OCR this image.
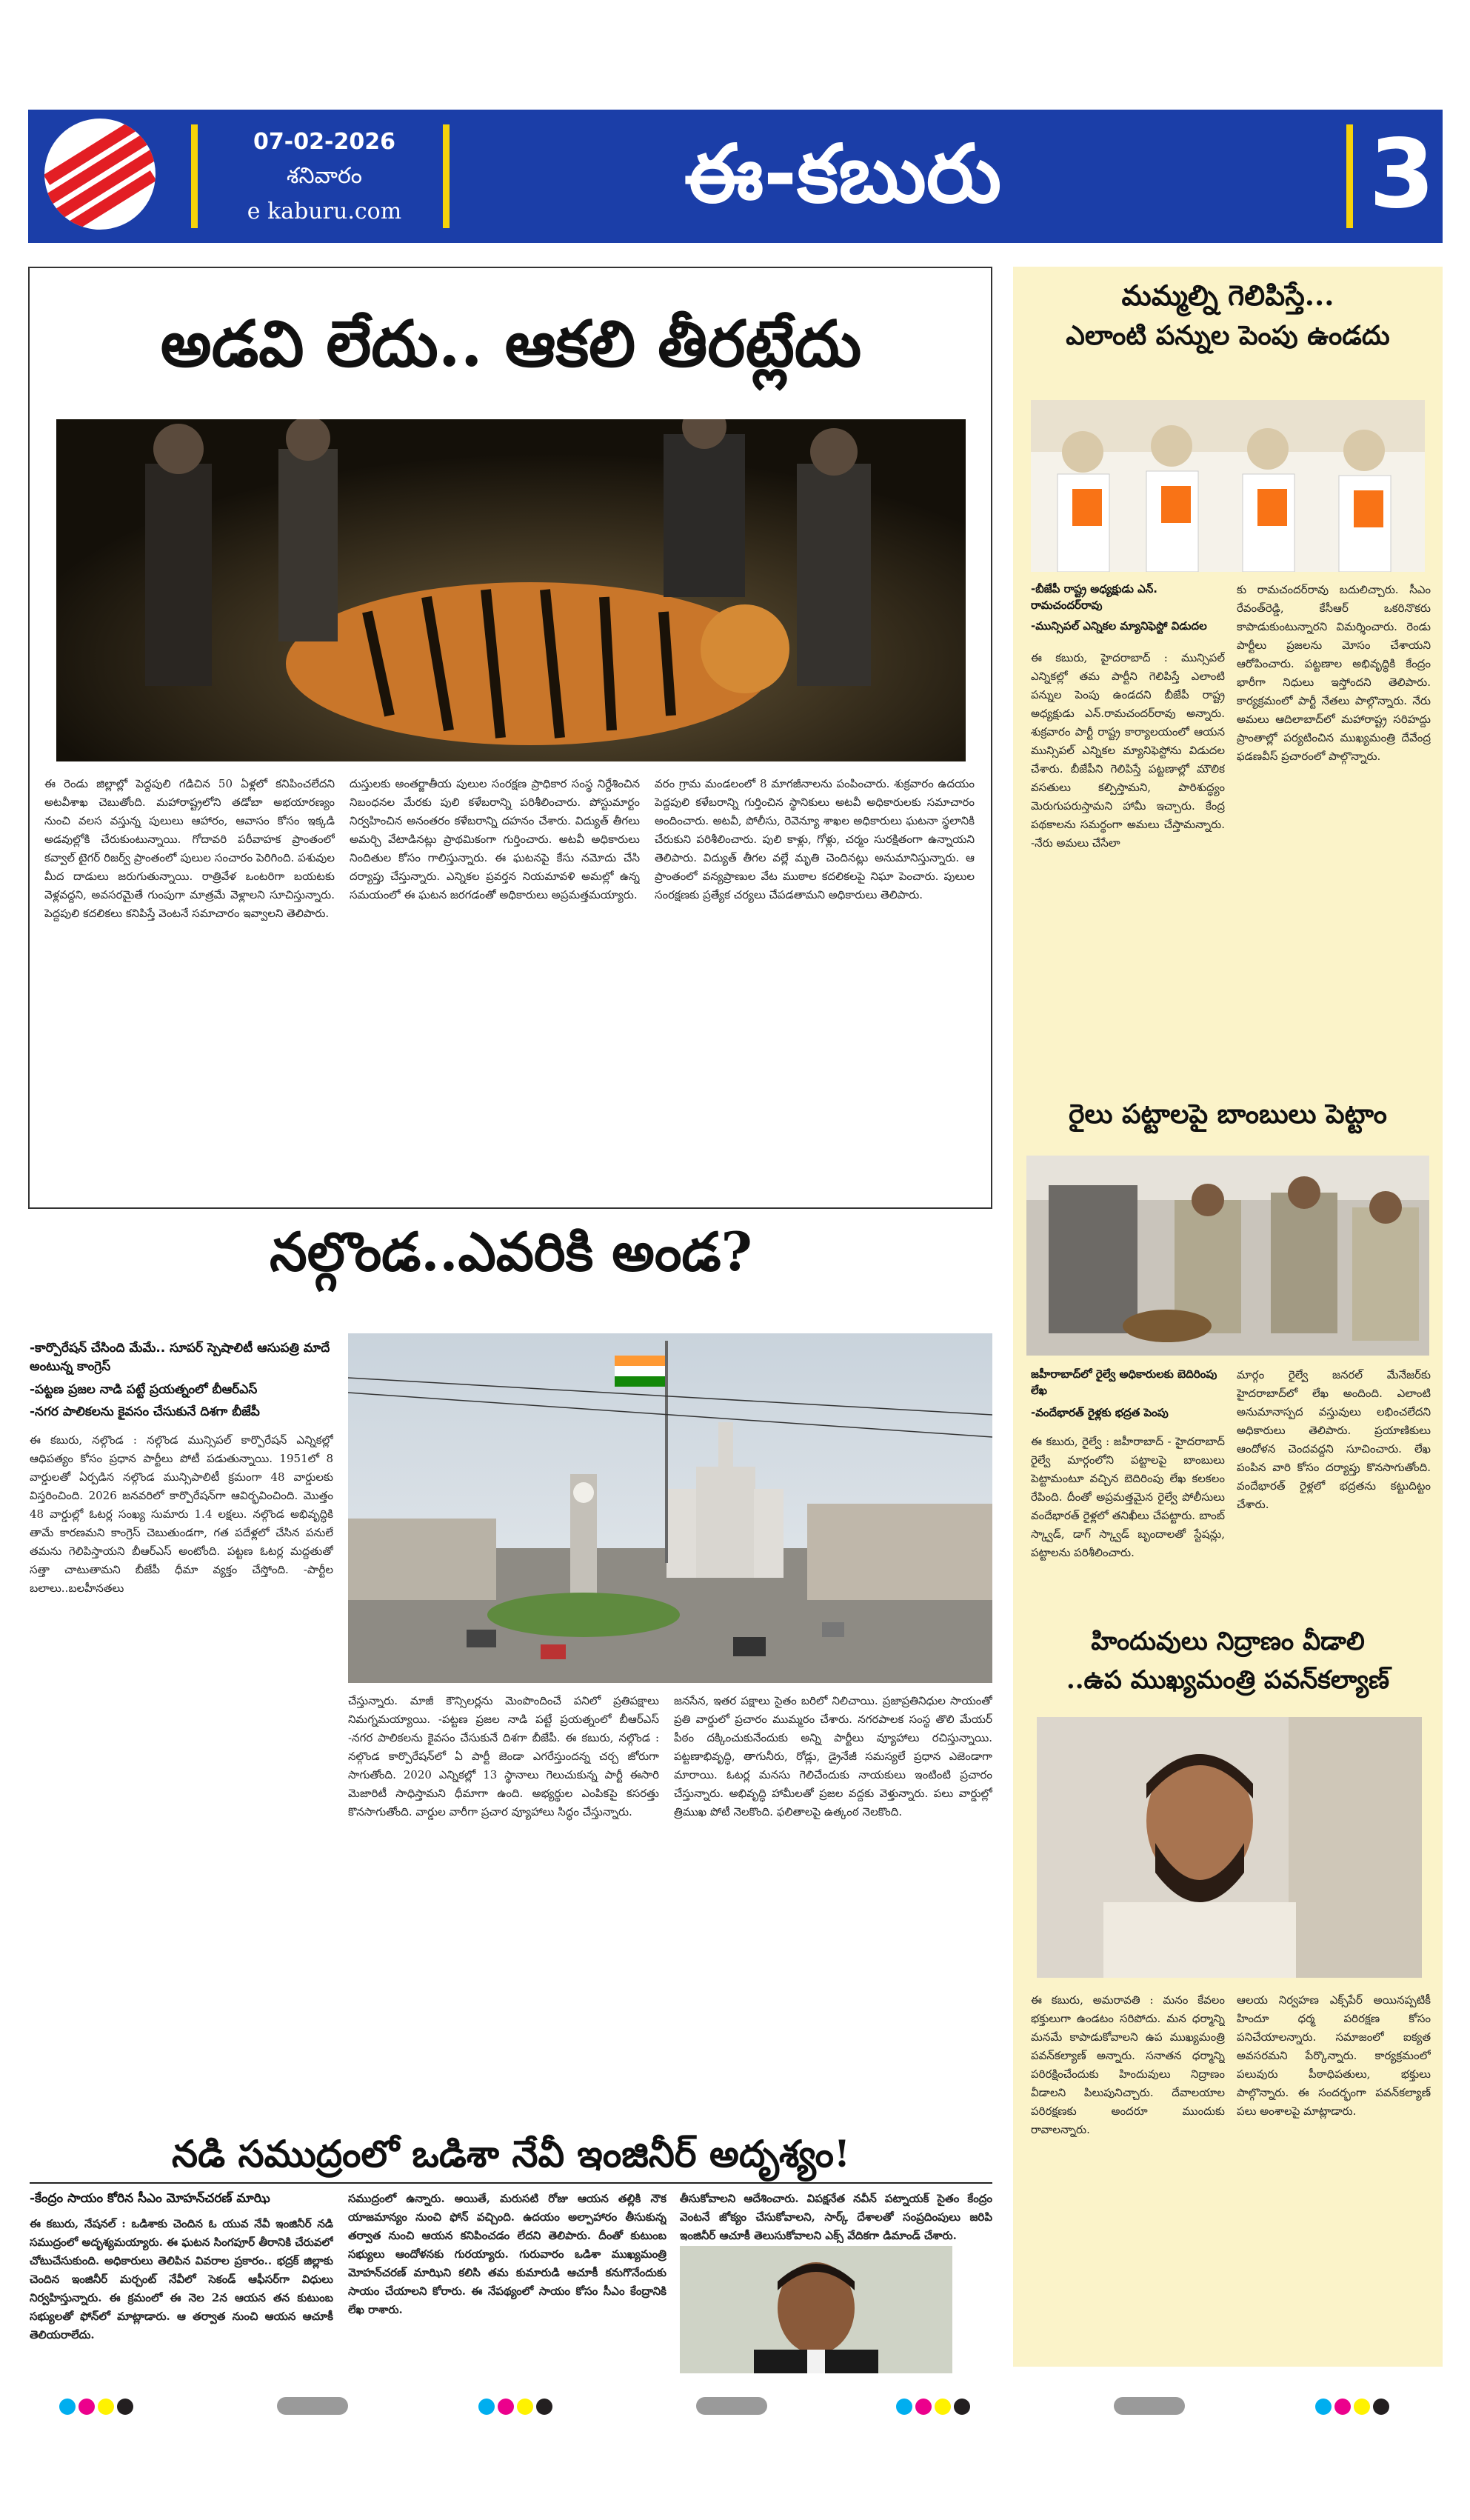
07-02-2026
శనివారం
e kaburu.com	ఈ-కబురు	3
అడవి లేదు.. ఆకలి తీరట్లేదు
ఈ రెండు జిల్లాల్లో పెద్దపులి గడిచిన 50 ఏళ్లలో కనిపించలేదని అటవీశాఖ చెబుతోంది. మహారాష్ట్రలోని తడోబా అభయారణ్యం నుంచి వలస వస్తున్న పులులు ఆహారం, ఆవాసం కోసం ఇక్కడి అడవుల్లోకి చేరుకుంటున్నాయి. గోదావరి పరీవాహక ప్రాంతంలో కవ్వాల్ టైగర్ రిజర్వ్ ప్రాంతంలో పులుల సంచారం పెరిగింది. పశువుల మీద దాడులు జరుగుతున్నాయి. రాత్రివేళ ఒంటరిగా బయటకు వెళ్లవద్దని, అవసరమైతే గుంపుగా మాత్రమే వెళ్లాలని సూచిస్తున్నారు. పెద్దపులి కదలికలు కనిపిస్తే వెంటనే సమాచారం ఇవ్వాలని తెలిపారు.
దుస్తులకు అంతర్జాతీయ పులుల సంరక్షణ ప్రాధికార సంస్థ నిర్దేశించిన నిబంధనల మేరకు పులి కళేబరాన్ని పరిశీలించారు. పోస్టుమార్టం నిర్వహించిన అనంతరం కళేబరాన్ని దహనం చేశారు. విద్యుత్ తీగలు అమర్చి వేటాడినట్లు ప్రాథమికంగా గుర్తించారు. అటవీ అధికారులు నిందితుల కోసం గాలిస్తున్నారు. ఈ ఘటనపై కేసు నమోదు చేసి దర్యాప్తు చేస్తున్నారు. ఎన్నికల ప్రవర్తన నియమావళి అమల్లో ఉన్న సమయంలో ఈ ఘటన జరగడంతో అధికారులు అప్రమత్తమయ్యారు.
వరం గ్రామ మండలంలో 8 మాగజీనాలను పంపించారు. శుక్రవారం ఉదయం పెద్దపులి కళేబరాన్ని గుర్తించిన స్థానికులు అటవీ అధికారులకు సమాచారం అందించారు. అటవీ, పోలీసు, రెవెన్యూ శాఖల అధికారులు ఘటనా స్థలానికి చేరుకుని పరిశీలించారు. పులి కాళ్లు, గోళ్లు, చర్మం సురక్షితంగా ఉన్నాయని తెలిపారు. విద్యుత్ తీగల వల్లే మృతి చెందినట్లు అనుమానిస్తున్నారు. ఆ ప్రాంతంలో వన్యప్రాణుల వేట ముఠాల కదలికలపై నిఘా పెంచారు. పులుల సంరక్షణకు ప్రత్యేక చర్యలు చేపడతామని అధికారులు తెలిపారు.
నల్గొండ..ఎవరికి అండ?
-కార్పొరేషన్ చేసింది మేమే.. సూపర్ స్పెషాలిటీ ఆసుపత్రి మాదే అంటున్న కాంగ్రెస్
-పట్టణ ప్రజల నాడి పట్టే ప్రయత్నంలో బీఆర్ఎస్
-నగర పాలికలను కైవసం చేసుకునే దిశగా బీజేపీ
ఈ కబురు, నల్గొండ : నల్గొండ మున్సిపల్ కార్పొరేషన్ ఎన్నికల్లో ఆధిపత్యం కోసం ప్రధాన పార్టీలు పోటీ పడుతున్నాయి. 1951లో 8 వార్డులతో ఏర్పడిన నల్గొండ మున్సిపాలిటీ క్రమంగా 48 వార్డులకు విస్తరించింది. 2026 జనవరిలో కార్పొరేషన్‌గా ఆవిర్భవించింది. మొత్తం 48 వార్డుల్లో ఓటర్ల సంఖ్య సుమారు 1.4 లక్షలు. నల్గొండ అభివృద్ధికి తామే కారణమని కాంగ్రెస్ చెబుతుండగా, గత పదేళ్లలో చేసిన పనులే తమను గెలిపిస్తాయని బీఆర్ఎస్ అంటోంది. పట్టణ ఓటర్ల మద్దతుతో సత్తా చాటుతామని బీజేపీ ధీమా వ్యక్తం చేస్తోంది. -పార్టీల బలాలు..బలహీనతలు
చేస్తున్నారు. మాజీ కౌన్సిలర్లను మెంపొందించే పనిలో ప్రతిపక్షాలు నిమగ్నమయ్యాయి. -పట్టణ ప్రజల నాడి పట్టే ప్రయత్నంలో బీఆర్ఎస్ -నగర పాలికలను కైవసం చేసుకునే దిశగా బీజేపీ. ఈ కబురు, నల్గొండ : నల్గొండ కార్పొరేషన్‌లో ఏ పార్టీ జెండా ఎగరేస్తుందన్న చర్చ జోరుగా సాగుతోంది. 2020 ఎన్నికల్లో 13 స్థానాలు గెలుచుకున్న పార్టీ ఈసారి మెజారిటీ సాధిస్తామని ధీమాగా ఉంది. అభ్యర్థుల ఎంపికపై కసరత్తు కొనసాగుతోంది. వార్డుల వారీగా ప్రచార వ్యూహాలు సిద్ధం చేస్తున్నారు.
జనసేన, ఇతర పక్షాలు సైతం బరిలో నిలిచాయి. ప్రజాప్రతినిధుల సాయంతో ప్రతి వార్డులో ప్రచారం ముమ్మరం చేశారు. నగరపాలక సంస్థ తొలి మేయర్ పీఠం దక్కించుకునేందుకు అన్ని పార్టీలు వ్యూహాలు రచిస్తున్నాయి. పట్టణాభివృద్ధి, తాగునీరు, రోడ్లు, డ్రైనేజీ సమస్యలే ప్రధాన ఎజెండాగా మారాయి. ఓటర్ల మనసు గెలిచేందుకు నాయకులు ఇంటింటి ప్రచారం చేస్తున్నారు. అభివృద్ధి హామీలతో ప్రజల వద్దకు వెళ్తున్నారు. పలు వార్డుల్లో త్రిముఖ పోటీ నెలకొంది. ఫలితాలపై ఉత్కంఠ నెలకొంది.
నడి సముద్రంలో ఒడిశా నేవీ ఇంజినీర్ అదృశ్యం!
-కేంద్రం సాయం కోరిన సీఎం మోహన్‌చరణ్ మాఝి
ఈ కబురు, నేషనల్ : ఒడిశాకు చెందిన ఓ యువ నేవీ ఇంజినీర్ నడి సముద్రంలో అదృశ్యమయ్యారు. ఈ ఘటన సింగపూర్ తీరానికి చేరువలో చోటుచేసుకుంది. అధికారులు తెలిపిన వివరాల ప్రకారం.. భద్రక్ జిల్లాకు చెందిన ఇంజినీర్ మర్చంట్ నేవీలో సెకండ్ ఆఫీసర్‌గా విధులు నిర్వహిస్తున్నారు. ఈ క్రమంలో ఈ నెల 2న ఆయన తన కుటుంబ సభ్యులతో ఫోన్‌లో మాట్లాడారు. ఆ తర్వాత నుంచి ఆయన ఆచూకీ తెలియరాలేదు.
సముద్రంలో ఉన్నారు. అయితే, మరుసటి రోజు ఆయన తల్లికి నౌక యాజమాన్యం నుంచి ఫోన్ వచ్చింది. ఉదయం అల్పాహారం తీసుకున్న తర్వాత నుంచి ఆయన కనిపించడం లేదని తెలిపారు. దీంతో కుటుంబ సభ్యులు ఆందోళనకు గురయ్యారు. గురువారం ఒడిశా ముఖ్యమంత్రి మోహన్‌చరణ్ మాఝిని కలిసి తమ కుమారుడి ఆచూకీ కనుగొనేందుకు సాయం చేయాలని కోరారు. ఈ నేపథ్యంలో సాయం కోసం సీఎం కేంద్రానికి లేఖ రాశారు.
తీసుకోవాలని ఆదేశించారు. విపక్షనేత నవీన్ పట్నాయక్ సైతం కేంద్రం వెంటనే జోక్యం చేసుకోవాలని, సార్క్ దేశాలతో సంప్రదింపులు జరిపి ఇంజినీర్ ఆచూకీ తెలుసుకోవాలని ఎక్స్ వేదికగా డిమాండ్ చేశారు.
మమ్మల్ని గెలిపిస్తే...
ఎలాంటి పన్నుల పెంపు ఉండదు
-బీజేపీ రాష్ట్ర అధ్యక్షుడు ఎన్. రామచందర్‌రావు
-మున్సిపల్ ఎన్నికల మ్యానిఫెస్టో విడుదల
ఈ కబురు, హైదరాబాద్ : మున్సిపల్ ఎన్నికల్లో తమ పార్టీని గెలిపిస్తే ఎలాంటి పన్నుల పెంపు ఉండదని బీజేపీ రాష్ట్ర అధ్యక్షుడు ఎన్.రామచందర్‌రావు అన్నారు. శుక్రవారం పార్టీ రాష్ట్ర కార్యాలయంలో ఆయన మున్సిపల్ ఎన్నికల మ్యానిఫెస్టోను విడుదల చేశారు. బీజేపీని గెలిపిస్తే పట్టణాల్లో మౌలిక వసతులు కల్పిస్తామని, పారిశుద్ధ్యం మెరుగుపరుస్తామని హామీ ఇచ్చారు. కేంద్ర పథకాలను సమర్థంగా అమలు చేస్తామన్నారు. -నేరు అమలు చేసేలా
కు రామచందర్‌రావు బదులిచ్చారు. సీఎం రేవంత్‌రెడ్డి, కేసీఆర్ ఒకరినొకరు కాపాడుకుంటున్నారని విమర్శించారు. రెండు పార్టీలు ప్రజలను మోసం చేశాయని ఆరోపించారు. పట్టణాల అభివృద్ధికి కేంద్రం భారీగా నిధులు ఇస్తోందని తెలిపారు. కార్యక్రమంలో పార్టీ నేతలు పాల్గొన్నారు. నేరు అమలు ఆదిలాబాద్‌లో మహారాష్ట్ర సరిహద్దు ప్రాంతాల్లో పర్యటించిన ముఖ్యమంత్రి దేవేంద్ర ఫడణవీస్ ప్రచారంలో పాల్గొన్నారు.
రైలు పట్టాలపై బాంబులు పెట్టాం
జహీరాబాద్‌లో రైల్వే అధికారులకు బెదిరింపు లేఖ
-వందేభారత్ రైళ్లకు భద్రత పెంపు
ఈ కబురు, రైల్వే : జహీరాబాద్ - హైదరాబాద్ రైల్వే మార్గంలోని పట్టాలపై బాంబులు పెట్టామంటూ వచ్చిన బెదిరింపు లేఖ కలకలం రేపింది. దీంతో అప్రమత్తమైన రైల్వే పోలీసులు వందేభారత్ రైళ్లలో తనిఖీలు చేపట్టారు. బాంబ్ స్క్వాడ్, డాగ్ స్క్వాడ్ బృందాలతో స్టేషన్లు, పట్టాలను పరిశీలించారు.
మార్గం రైల్వే జనరల్ మేనేజర్‌కు హైదరాబాద్‌లో లేఖ అందింది. ఎలాంటి అనుమానాస్పద వస్తువులు లభించలేదని అధికారులు తెలిపారు. ప్రయాణికులు ఆందోళన చెందవద్దని సూచించారు. లేఖ పంపిన వారి కోసం దర్యాప్తు కొనసాగుతోంది. వందేభారత్ రైళ్లలో భద్రతను కట్టుదిట్టం చేశారు.
హిందువులు నిద్రాణం వీడాలి
..ఉప ముఖ్యమంత్రి పవన్‌కల్యాణ్
ఈ కబురు, అమరావతి : మనం కేవలం భక్తులుగా ఉండటం సరిపోదు. మన ధర్మాన్ని మనమే కాపాడుకోవాలని ఉప ముఖ్యమంత్రి పవన్‌కల్యాణ్ అన్నారు. సనాతన ధర్మాన్ని పరిరక్షించేందుకు హిందువులు నిద్రాణం వీడాలని పిలుపునిచ్చారు. దేవాలయాల పరిరక్షణకు అందరూ ముందుకు రావాలన్నారు.
ఆలయ నిర్వహణ ఎక్స్‌పేర్ అయినప్పటికీ హిందూ ధర్మ పరిరక్షణ కోసం పనిచేయాలన్నారు. సమాజంలో ఐక్యత అవసరమని పేర్కొన్నారు. కార్యక్రమంలో పలువురు పీఠాధిపతులు, భక్తులు పాల్గొన్నారు. ఈ సందర్భంగా పవన్‌కల్యాణ్ పలు అంశాలపై మాట్లాడారు.
